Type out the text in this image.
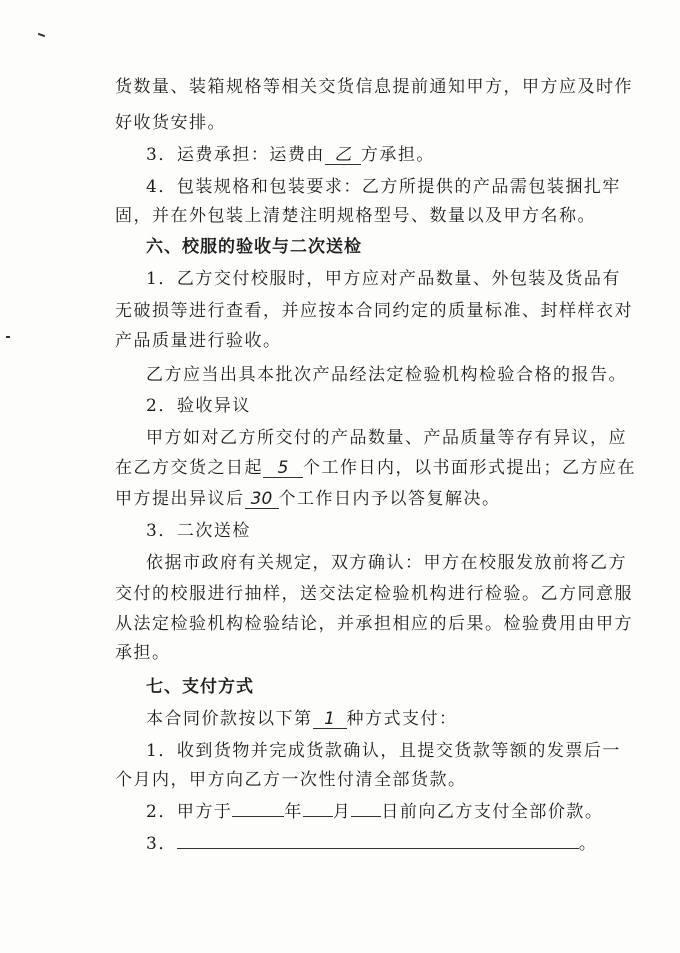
货数量、装箱规格等相关交货信息提前通知甲方，甲方应及时作
好收货安排。
3．运费承担：运费由 乙 方承担。
4．包装规格和包装要求：乙方所提供的产品需包装捆扎牢
固，并在外包装上清楚注明规格型号、数量以及甲方名称。
六、校服的验收与二次送检
1．乙方交付校服时，甲方应对产品数量、外包装及货品有
无破损等进行查看，并应按本合同约定的质量标准、封样样衣对
产品质量进行验收。
乙方应当出具本批次产品经法定检验机构检验合格的报告。
2．验收异议
甲方如对乙方所交付的产品数量、产品质量等存有异议，应
在乙方交货之日起 5 个工作日内，以书面形式提出；乙方应在
甲方提出异议后 30 个工作日内予以答复解决。
3．二次送检
依据市政府有关规定，双方确认：甲方在校服发放前将乙方
交付的校服进行抽样，送交法定检验机构进行检验。乙方同意服
从法定检验机构检验结论，并承担相应的后果。检验费用由甲方
承担。
七、支付方式
本合同价款按以下第 1 种方式支付：
1．收到货物并完成货款确认，且提交货款等额的发票后一
个月内，甲方向乙方一次性付清全部货款。
2．甲方于	年 月 日前向乙方支付全部价款。
3．	。
